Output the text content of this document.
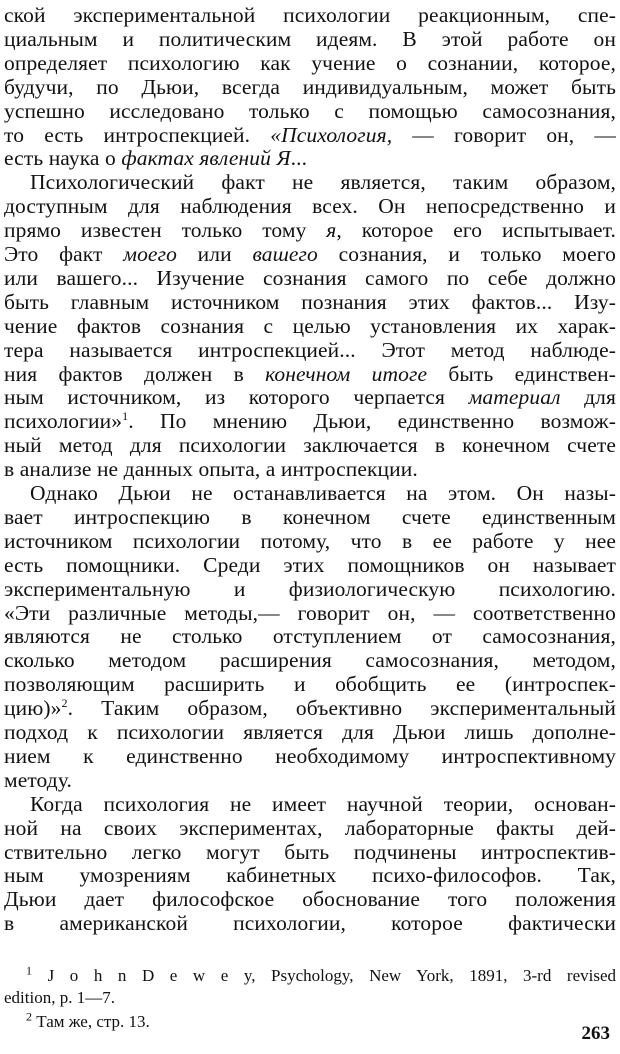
ской экспериментальной психологии реакционным, спе-
циальным и политическим идеям. В этой работе он
определяет психологию как учение о сознании, которое,
будучи, по Дьюи, всегда индивидуальным, может быть
успешно исследовано только с помощью самосознания,
то есть интроспекцией. «Психология, — говорит он, —
есть наука о фактах явлений Я...
Психологический факт не является, таким образом,
доступным для наблюдения всех. Он непосредственно и
прямо известен только тому я, которое его испытывает.
Это факт моего или вашего сознания, и только моего
или вашего... Изучение сознания самого по себе должно
быть главным источником познания этих фактов... Изу-
чение фактов сознания с целью установления их харак-
тера называется интроспекцией... Этот метод наблюде-
ния фактов должен в конечном итоге быть единствен-
ным источником, из которого черпается материал для
психологии»$^1$. По мнению Дьюи, единственно возмож-
ный метод для психологии заключается в конечном счете
в анализе не данных опыта, а интроспекции.
Однако Дьюи не останавливается на этом. Он назы-
вает интроспекцию в конечном счете единственным
источником психологии потому, что в ее работе у нее
есть помощники. Среди этих помощников он называет
экспериментальную и физиологическую психологию.
«Эти различные методы,— говорит он, — соответственно
являются не столько отступлением от самосознания,
сколько методом расширения самосознания, методом,
позволяющим расширить и обобщить ее (интроспек-
цию)»$^2$. Таким образом, объективно экспериментальный
подход к психологии является для Дьюи лишь дополне-
нием к единственно необходимому интроспективному
методу.
Когда психология не имеет научной теории, основан-
ной на своих экспериментах, лабораторные факты дей-
ствительно легко могут быть подчинены интроспектив-
ным умозрениям кабинетных психо-философов. Так,
Дьюи дает философское обоснование того положения
в американской психологии, которое фактически
$^1$ J o h n D e w e y, Psychology, New York, 1891, 3-rd revised
edition, p. 1—7.
$^2$ Там же, стр. 13.
263
